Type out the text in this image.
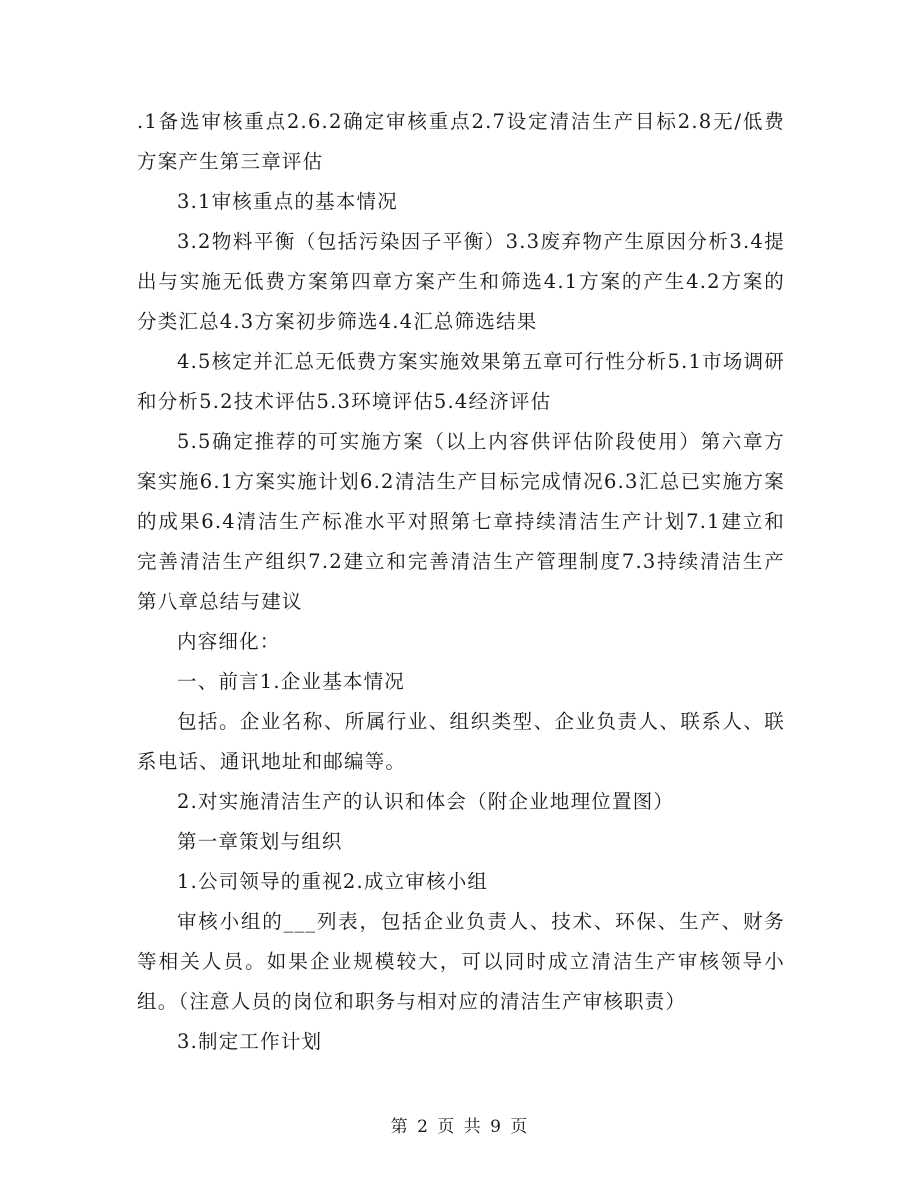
.1备选审核重点2.6.2确定审核重点2.7设定清洁生产目标2.8无/低费方案产生第三章评估

3.1审核重点的基本情况

3.2物料平衡（包括污染因子平衡）3.3废弃物产生原因分析3.4提出与实施无低费方案第四章方案产生和筛选4.1方案的产生4.2方案的分类汇总4.3方案初步筛选4.4汇总筛选结果

4.5核定并汇总无低费方案实施效果第五章可行性分析5.1市场调研和分析5.2技术评估5.3环境评估5.4经济评估

5.5确定推荐的可实施方案（以上内容供评估阶段使用）第六章方案实施6.1方案实施计划6.2清洁生产目标完成情况6.3汇总已实施方案的成果6.4清洁生产标准水平对照第七章持续清洁生产计划7.1建立和完善清洁生产组织7.2建立和完善清洁生产管理制度7.3持续清洁生产第八章总结与建议

内容细化：

一、前言1.企业基本情况

包括。企业名称、所属行业、组织类型、企业负责人、联系人、联系电话、通讯地址和邮编等。

2.对实施清洁生产的认识和体会（附企业地理位置图）

第一章策划与组织

1.公司领导的重视2.成立审核小组

审核小组的___列表，包括企业负责人、技术、环保、生产、财务等相关人员。如果企业规模较大，可以同时成立清洁生产审核领导小组。（注意人员的岗位和职务与相对应的清洁生产审核职责）

3.制定工作计划

第 2 页 共 9 页
